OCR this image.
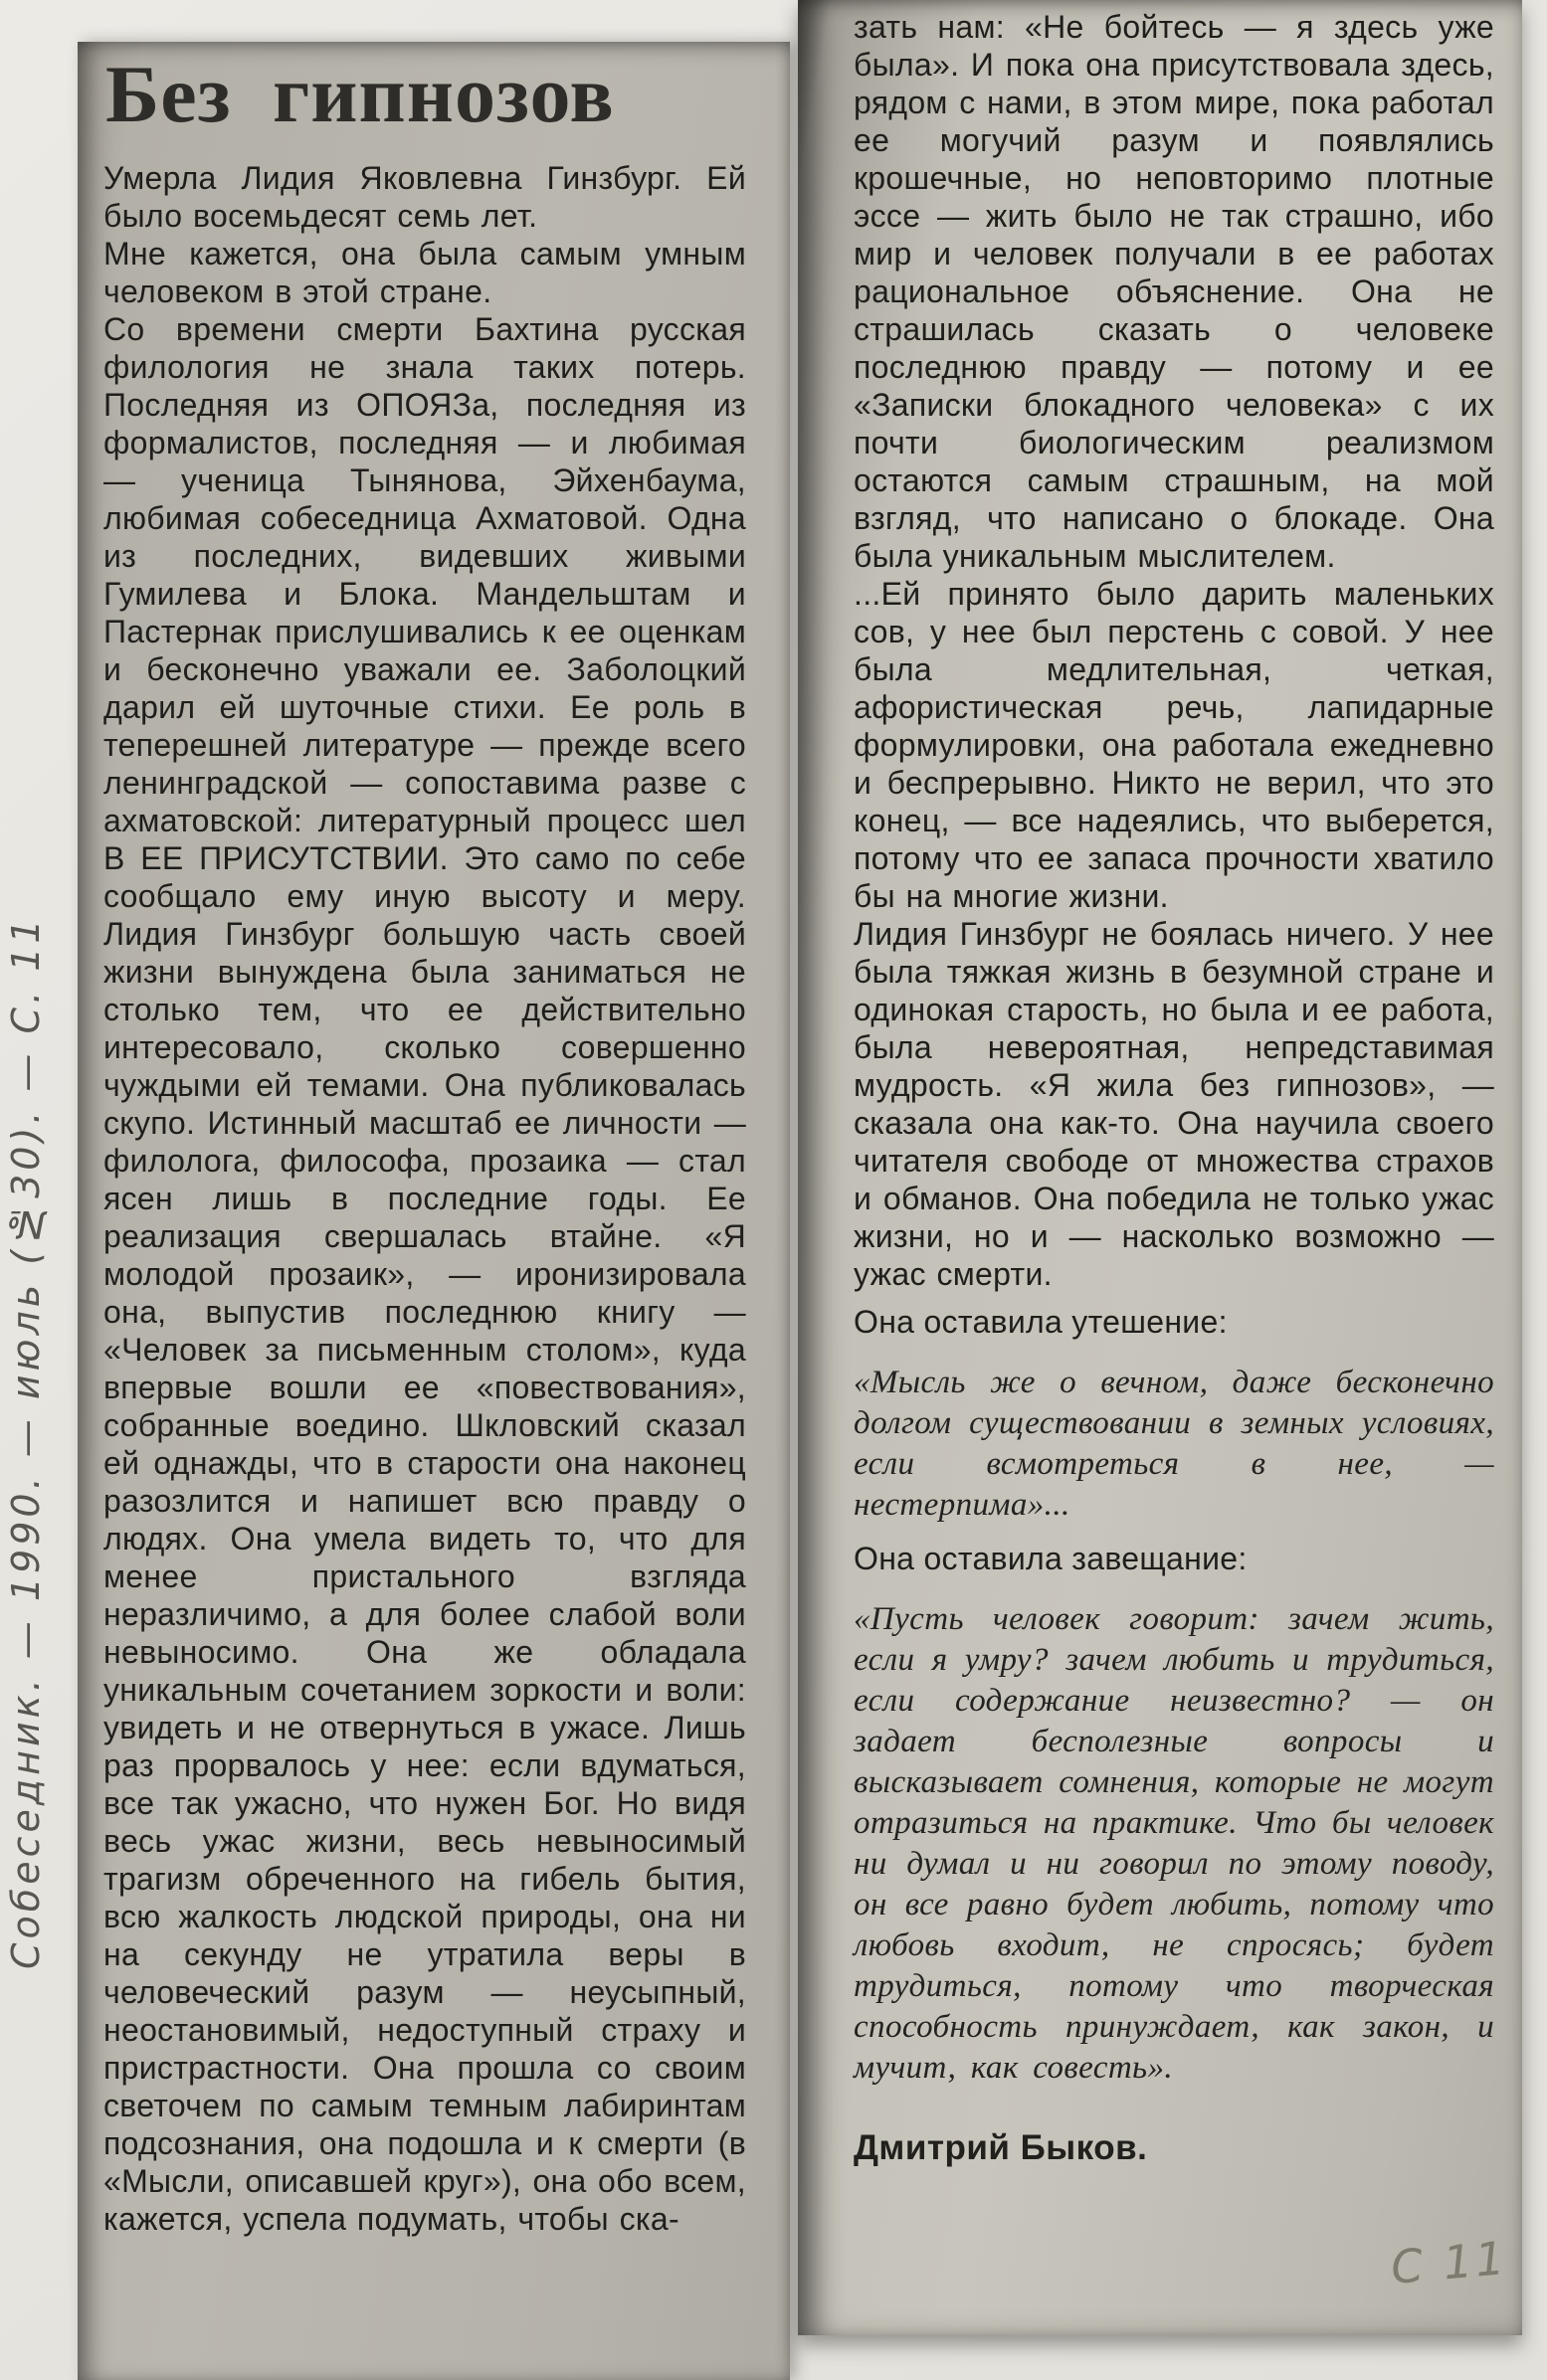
Без гипнозов

Умерла Лидия Яковлевна Гинзбург. Ей было восемьдесят семь лет.

Мне кажется, она была самым умным человеком в этой стране.

Со времени смерти Бахтина русская филология не знала таких потерь. Последняя из ОПОЯЗа, последняя из формалистов, последняя — и любимая — ученица Тынянова, Эйхенбаума, любимая собеседница Ахматовой. Одна из последних, видевших живыми Гумилева и Блока. Мандельштам и Пастернак прислушивались к ее оценкам и бесконечно уважали ее. Заболоцкий дарил ей шуточные стихи. Ее роль в теперешней литературе — прежде всего ленинградской — сопоставима разве с ахматовской: литературный процесс шел В ЕЕ ПРИСУТСТВИИ. Это само по себе сообщало ему иную высоту и меру. Лидия Гинзбург большую часть своей жизни вынуждена была заниматься не столько тем, что ее действительно интересовало, сколько совершенно чуждыми ей темами. Она публиковалась скупо. Истинный масштаб ее личности — филолога, философа, прозаика — стал ясен лишь в последние годы. Ее реализация свершалась втайне. «Я молодой прозаик», — иронизировала она, выпустив последнюю книгу — «Человек за письменным столом», куда впервые вошли ее «повествования», собранные воедино. Шкловский сказал ей однажды, что в старости она наконец разозлится и напишет всю правду о людях. Она умела видеть то, что для менее пристального взгляда неразличимо, а для более слабой воли невыносимо. Она же обладала уникальным сочетанием зоркости и воли: увидеть и не отвернуться в ужасе. Лишь раз прорвалось у нее: если вдуматься, все так ужасно, что нужен Бог. Но видя весь ужас жизни, весь невыносимый трагизм обреченного на гибель бытия, всю жалкость людской природы, она ни на секунду не утратила веры в человеческий разум — неусыпный, неостановимый, недоступный страху и пристрастности. Она прошла со своим светочем по самым темным лабиринтам подсознания, она подошла и к смерти (в «Мысли, описавшей круг»), она обо всем, кажется, успела подумать, чтобы ска-

зать нам: «Не бойтесь — я здесь уже была». И пока она присутствовала здесь, рядом с нами, в этом мире, пока работал ее могучий разум и появлялись крошечные, но неповторимо плотные эссе — жить было не так страшно, ибо мир и человек получали в ее работах рациональное объяснение. Она не страшилась сказать о человеке последнюю правду — потому и ее «Записки блокадного человека» с их почти биологическим реализмом остаются самым страшным, на мой взгляд, что написано о блокаде. Она была уникальным мыслителем.

...Ей принято было дарить маленьких сов, у нее был перстень с совой. У нее была медлительная, четкая, афористическая речь, лапидарные формулировки, она работала ежедневно и беспрерывно. Никто не верил, что это конец, — все надеялись, что выберется, потому что ее запаса прочности хватило бы на многие жизни.

Лидия Гинзбург не боялась ничего. У нее была тяжкая жизнь в безумной стране и одинокая старость, но была и ее работа, была невероятная, непредставимая мудрость. «Я жила без гипнозов», — сказала она как-то. Она научила своего читателя свободе от множества страхов и обманов. Она победила не только ужас жизни, но и — насколько возможно — ужас смерти.

Она оставила утешение:

«Мысль же о вечном, даже бесконечно долгом существовании в земных условиях, если всмотреться в нее, — нестерпима»...

Она оставила завещание:

«Пусть человек говорит: зачем жить, если я умру? зачем любить и трудиться, если содержание неизвестно? — он задает бесполезные вопросы и высказывает сомнения, которые не могут отразиться на практике. Что бы человек ни думал и ни говорил по этому поводу, он все равно будет любить, потому что любовь входит, не спросясь; будет трудиться, потому что творческая способность принуждает, как закон, и мучит, как совесть».

Дмитрий Быков.

Собеседник. — 1990. — июль (№30). — С. 11
С 11
